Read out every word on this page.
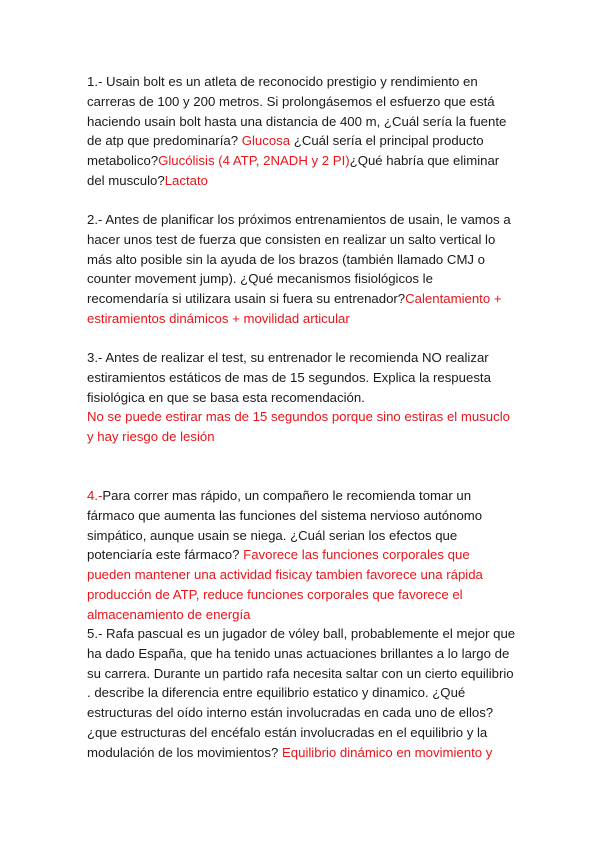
1.- Usain bolt es un atleta de reconocido prestigio y rendimiento en carreras de 100 y 200 metros. Si prolongásemos el esfuerzo que está haciendo usain bolt hasta una distancia de 400 m, ¿Cuál sería la fuente de atp que predominaría? Glucosa ¿Cuál sería el principal producto metabolico?Glucólisis (4 ATP, 2NADH y 2 PI)¿Qué habría que eliminar del musculo?Lactato

2.- Antes de planificar los próximos entrenamientos de usain, le vamos a hacer unos test de fuerza que consisten en realizar un salto vertical lo más alto posible sin la ayuda de los brazos (también llamado CMJ o counter movement jump). ¿Qué mecanismos fisiológicos le recomendaría si utilizara usain si fuera su entrenador?Calentamiento + estiramientos dinámicos + movilidad articular

3.- Antes de realizar el test, su entrenador le recomienda NO realizar estiramientos estáticos de mas de 15 segundos. Explica la respuesta fisiológica en que se basa esta recomendación.
No se puede estirar mas de 15 segundos porque sino estiras el musuclo y hay riesgo de lesión

4.-Para correr mas rápido, un compañero le recomienda tomar un fármaco que aumenta las funciones del sistema nervioso autónomo simpático, aunque usain se niega. ¿Cuál serian los efectos que potenciaría este fármaco? Favorece las funciones corporales que pueden mantener una actividad fisicay tambien favorece una rápida producción de ATP, reduce funciones corporales que favorece el almacenamiento de energía

5.- Rafa pascual es un jugador de vóley ball, probablemente el mejor que ha dado España, que ha tenido unas actuaciones brillantes a lo largo de su carrera. Durante un partido rafa necesita saltar con un cierto equilibrio . describe la diferencia entre equilibrio estatico y dinamico. ¿Qué estructuras del oído interno están involucradas en cada uno de ellos?¿que estructuras del encéfalo están involucradas en el equilibrio y la modulación de los movimientos? Equilibrio dinámico en movimiento y
